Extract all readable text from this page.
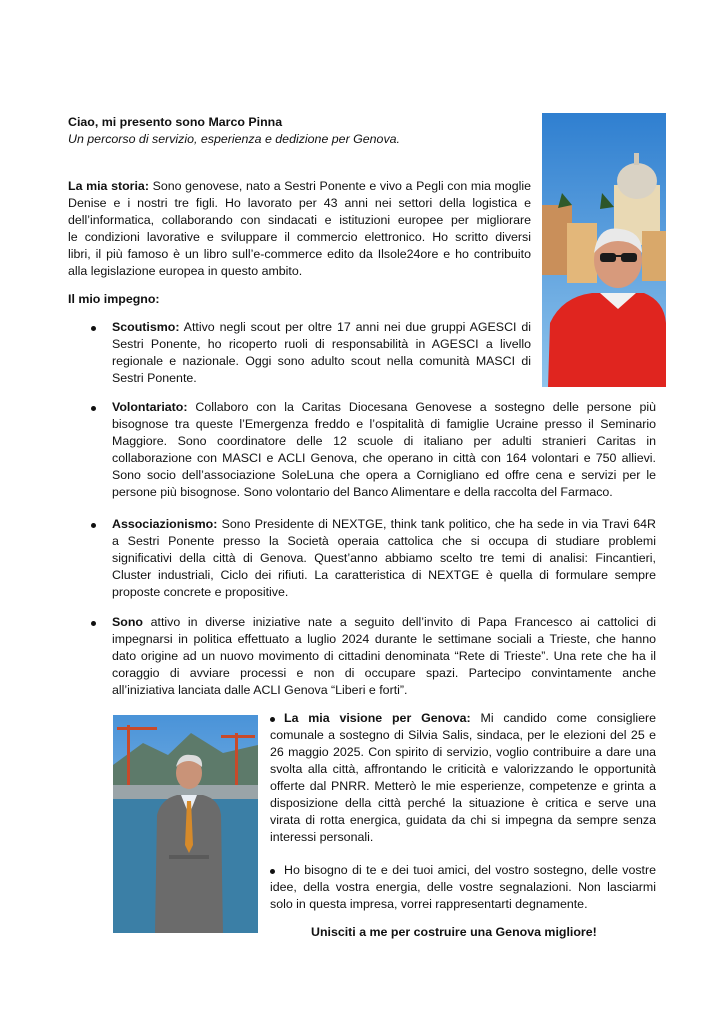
Ciao, mi presento sono Marco Pinna
Un percorso di servizio, esperienza e dedizione per Genova.
La mia storia: Sono genovese, nato a Sestri Ponente e vivo a Pegli con mia moglie
Denise e i nostri tre figli. Ho lavorato per 43 anni nei settori della logistica e
dell’informatica, collaborando con sindacati e istituzioni europee per migliorare
le condizioni lavorative e sviluppare il commercio elettronico. Ho scritto diversi
libri, il più famoso è un libro sull’e-commerce edito da Ilsole24ore e ho contribuito
alla legislazione europea in questo ambito.
Il mio impegno:
Scoutismo: Attivo negli scout per oltre 17 anni nei due gruppi AGESCI di
Sestri Ponente, ho ricoperto ruoli di responsabilità in AGESCI a livello
regionale e nazionale. Oggi sono adulto scout nella comunità MASCI di
Sestri Ponente.
Volontariato: Collaboro con la Caritas Diocesana Genovese a sostegno delle persone più
bisognose tra queste l’Emergenza freddo e l’ospitalità di famiglie Ucraine presso il Seminario
Maggiore. Sono coordinatore delle 12 scuole di italiano per adulti stranieri Caritas in
collaborazione con MASCI e ACLI Genova, che operano in città con 164 volontari e 750 allievi.
Sono socio dell’associazione SoleLuna che opera a Cornigliano ed offre cena e servizi per le
persone più bisognose. Sono volontario del Banco Alimentare e della raccolta del Farmaco.
Associazionismo: Sono Presidente di NEXTGE, think tank politico, che ha sede in via Travi 64R
a Sestri Ponente presso la Società operaia cattolica che si occupa di studiare problemi
significativi della città di Genova. Quest’anno abbiamo scelto tre temi di analisi: Fincantieri,
Cluster industriali, Ciclo dei rifiuti. La caratteristica di NEXTGE è quella di formulare sempre
proposte concrete e propositive.
Sono attivo in diverse iniziative nate a seguito dell’invito di Papa Francesco ai cattolici di
impegnarsi in politica effettuato a luglio 2024 durante le settimane sociali a Trieste, che hanno
dato origine ad un nuovo movimento di cittadini denominata “Rete di Trieste”. Una rete che ha il
coraggio di avviare processi e non di occupare spazi. Partecipo convintamente anche
all’iniziativa lanciata dalle ACLI Genova “Liberi e forti”.
La mia visione per Genova: Mi candido come consigliere
comunale a sostegno di Silvia Salis, sindaca, per le elezioni del 25 e
26 maggio 2025. Con spirito di servizio, voglio contribuire a dare una
svolta alla città, affrontando le criticità e valorizzando le opportunità
offerte dal PNRR. Metterò le mie esperienze, competenze e grinta a
disposizione della città perché la situazione è critica e serve una
virata di rotta energica, guidata da chi si impegna da sempre senza
interessi personali.
Ho bisogno di te e dei tuoi amici, del vostro sostegno, delle vostre
idee, della vostra energia, delle vostre segnalazioni. Non lasciarmi
solo in questa impresa, vorrei rappresentarti degnamente.
Unisciti a me per costruire una Genova migliore!
